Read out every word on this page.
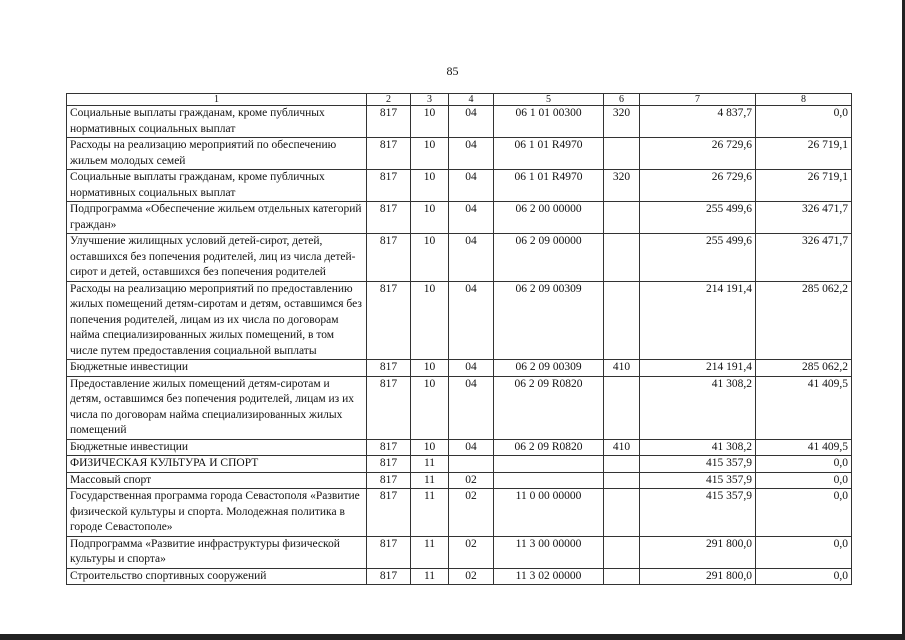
85
1	2	3	4	5	6	7	8
Социальные выплаты гражданам, кроме публичных нормативных социальных выплат	817	10	04	06 1 01 00300	320	4 837,7	0,0
Расходы на реализацию мероприятий по обеспечению жильем молодых семей	817	10	04	06 1 01 R4970		26 729,6	26 719,1
Социальные выплаты гражданам, кроме публичных нормативных социальных выплат	817	10	04	06 1 01 R4970	320	26 729,6	26 719,1
Подпрограмма «Обеспечение жильем отдельных категорий граждан»	817	10	04	06 2 00 00000		255 499,6	326 471,7
Улучшение жилищных условий детей-сирот, детей, оставшихся без попечения родителей, лиц из числа детей-сирот и детей, оставшихся без попечения родителей	817	10	04	06 2 09 00000		255 499,6	326 471,7
Расходы на реализацию мероприятий по предоставлению жилых помещений детям-сиротам и детям, оставшимся без попечения родителей, лицам из их числа по договорам найма специализированных жилых помещений, в том числе путем предоставления социальной выплаты	817	10	04	06 2 09 00309		214 191,4	285 062,2
Бюджетные инвестиции	817	10	04	06 2 09 00309	410	214 191,4	285 062,2
Предоставление жилых помещений детям-сиротам и детям, оставшимся без попечения родителей, лицам из их числа по договорам найма специализированных жилых помещений	817	10	04	06 2 09 R0820		41 308,2	41 409,5
Бюджетные инвестиции	817	10	04	06 2 09 R0820	410	41 308,2	41 409,5
ФИЗИЧЕСКАЯ КУЛЬТУРА И СПОРТ	817	11				415 357,9	0,0
Массовый спорт	817	11	02			415 357,9	0,0
Государственная программа города Севастополя «Развитие физической культуры и спорта. Молодежная политика в городе Севастополе»	817	11	02	11 0 00 00000		415 357,9	0,0
Подпрограмма «Развитие инфраструктуры физической культуры и спорта»	817	11	02	11 3 00 00000		291 800,0	0,0
Строительство спортивных сооружений	817	11	02	11 3 02 00000		291 800,0	0,0
